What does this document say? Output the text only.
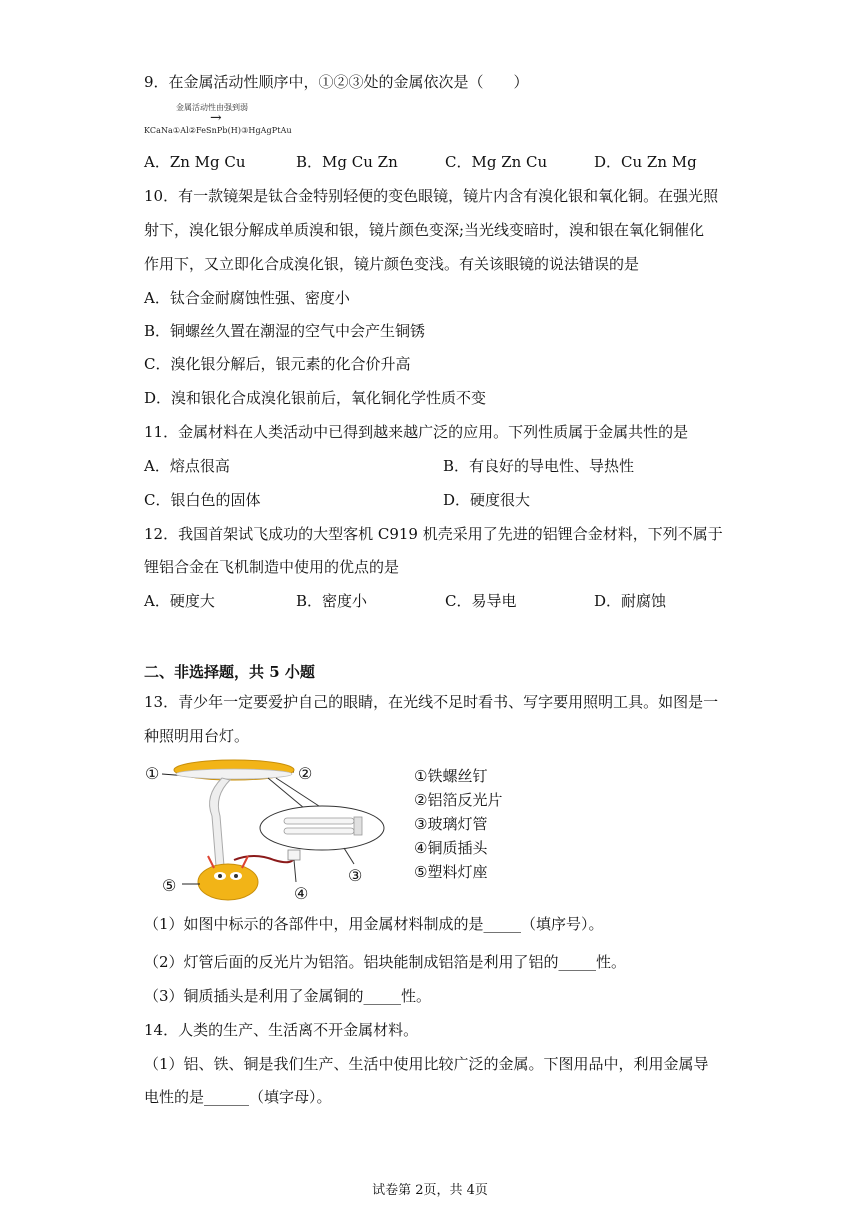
9．在金属活动性顺序中，①②③处的金属依次是（　　）
金属活动性由强到弱
→
KCaNa①Al②FeSnPb(H)③HgAgPtAu
A．Zn Mg Cu	B．Mg Cu Zn	C．Mg Zn Cu	D．Cu Zn Mg
10．有一款镜架是钛合金特别轻便的变色眼镜，镜片内含有溴化银和氧化铜。在强光照
射下，溴化银分解成单质溴和银，镜片颜色变深;当光线变暗时，溴和银在氧化铜催化
作用下，又立即化合成溴化银，镜片颜色变浅。有关该眼镜的说法错误的是
A．钛合金耐腐蚀性强、密度小
B．铜螺丝久置在潮湿的空气中会产生铜锈
C．溴化银分解后，银元素的化合价升高
D．溴和银化合成溴化银前后，氧化铜化学性质不变
11．金属材料在人类活动中已得到越来越广泛的应用。下列性质属于金属共性的是
A．熔点很高	B．有良好的导电性、导热性
C．银白色的固体	D．硬度很大
12．我国首架试飞成功的大型客机 C919 机壳采用了先进的铝锂合金材料，下列不属于
锂铝合金在飞机制造中使用的优点的是
A．硬度大	B．密度小	C．易导电	D．耐腐蚀
二、非选择题，共 5 小题
13．青少年一定要爱护自己的眼睛，在光线不足时看书、写字要用照明工具。如图是一
种照明用台灯。
①	②
③
④
⑤
①铁螺丝钉
②铝箔反光片
③玻璃灯管
④铜质插头
⑤塑料灯座
（1）如图中标示的各部件中，用金属材料制成的是_____（填序号）。
（2）灯管后面的反光片为铝箔。铝块能制成铝箔是利用了铝的_____性。
（3）铜质插头是利用了金属铜的_____性。
14．人类的生产、生活离不开金属材料。
（1）铝、铁、铜是我们生产、生活中使用比较广泛的金属。下图用品中，利用金属导
电性的是______（填字母）。
试卷第 2页，共 4页
